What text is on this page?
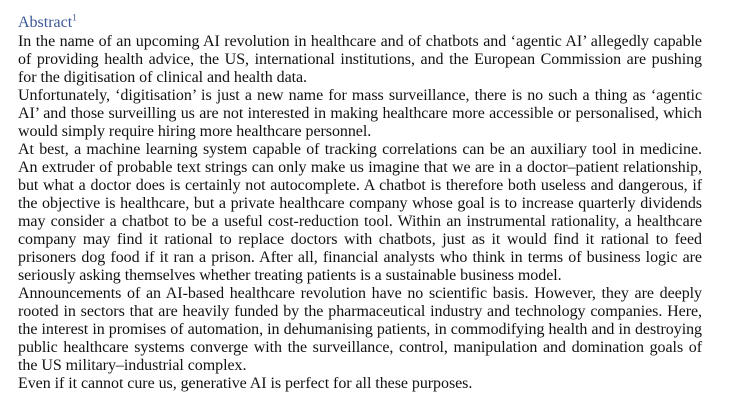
Abstract$^1$

In the name of an upcoming AI revolution in healthcare and of chatbots and ‘agentic AI’ allegedly capable of providing health advice, the US, international institutions, and the European Commission are pushing for the digitisation of clinical and health data.

Unfortunately, ‘digitisation’ is just a new name for mass surveillance, there is no such a thing as ‘agentic AI’ and those surveilling us are not interested in making healthcare more accessible or personalised, which would simply require hiring more healthcare personnel.

At best, a machine learning system capable of tracking correlations can be an auxiliary tool in medicine. An extruder of probable text strings can only make us imagine that we are in a doctor–patient relationship, but what a doctor does is certainly not autocomplete. A chatbot is therefore both useless and dangerous, if the objective is healthcare, but a private healthcare company whose goal is to increase quarterly dividends may consider a chatbot to be a useful cost-reduction tool. Within an instrumental rationality, a healthcare company may find it rational to replace doctors with chatbots, just as it would find it rational to feed prisoners dog food if it ran a prison. After all, financial analysts who think in terms of business logic are seriously asking themselves whether treating patients is a sustainable business model.

Announcements of an AI-based healthcare revolution have no scientific basis. However, they are deeply rooted in sectors that are heavily funded by the pharmaceutical industry and technology companies. Here, the interest in promises of automation, in dehumanising patients, in commodifying health and in destroying public healthcare systems converge with the surveillance, control, manipulation and domination goals of the US military–industrial complex.

Even if it cannot cure us, generative AI is perfect for all these purposes.
